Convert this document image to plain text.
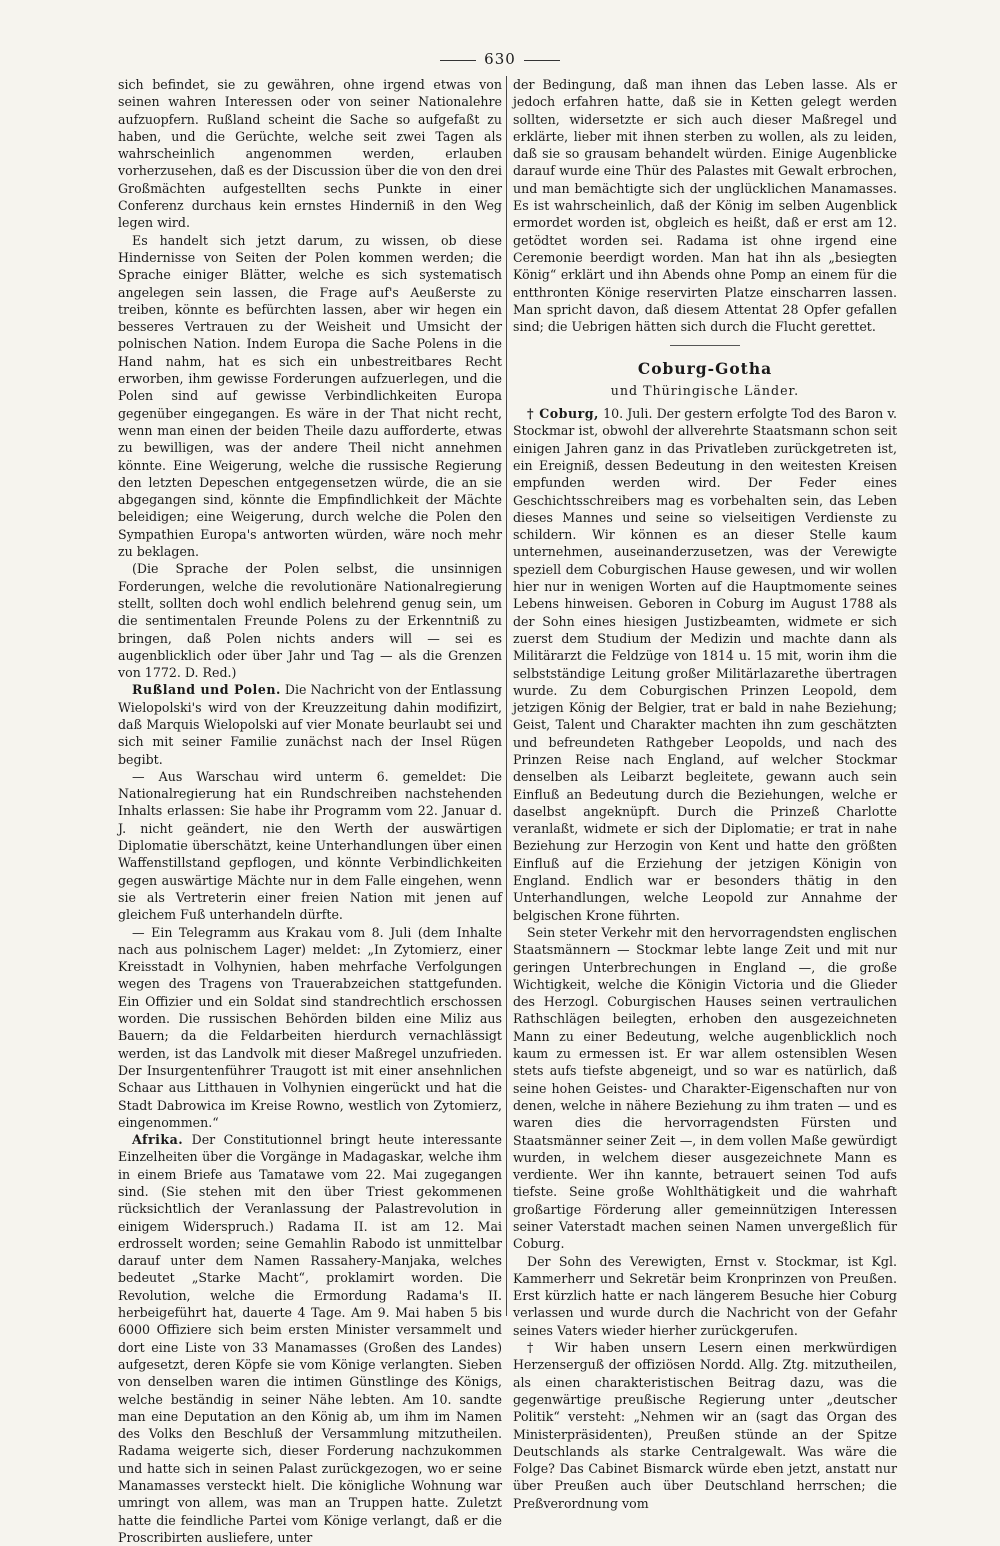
630

sich befindet, sie zu gewähren, ohne irgend etwas von seinen wahren Interessen oder von seiner Nationalehre aufzuopfern. Rußland scheint die Sache so aufgefaßt zu haben, und die Gerüchte, welche seit zwei Tagen als wahrscheinlich angenommen werden, erlauben vorherzusehen, daß es der Discussion über die von den drei Großmächten aufgestellten sechs Punkte in einer Conferenz durchaus kein ernstes Hinderniß in den Weg legen wird.

Es handelt sich jetzt darum, zu wissen, ob diese Hindernisse von Seiten der Polen kommen werden; die Sprache einiger Blätter, welche es sich systematisch angelegen sein lassen, die Frage auf's Aeußerste zu treiben, könnte es befürchten lassen, aber wir hegen ein besseres Vertrauen zu der Weisheit und Umsicht der polnischen Nation. Indem Europa die Sache Polens in die Hand nahm, hat es sich ein unbestreitbares Recht erworben, ihm gewisse Forderungen aufzuerlegen, und die Polen sind auf gewisse Verbindlichkeiten Europa gegenüber eingegangen. Es wäre in der That nicht recht, wenn man einen der beiden Theile dazu aufforderte, etwas zu bewilligen, was der andere Theil nicht annehmen könnte. Eine Weigerung, welche die russische Regierung den letzten Depeschen entgegensetzen würde, die an sie abgegangen sind, könnte die Empfindlichkeit der Mächte beleidigen; eine Weigerung, durch welche die Polen den Sympathien Europa's antworten würden, wäre noch mehr zu beklagen.

(Die Sprache der Polen selbst, die unsinnigen Forderungen, welche die revolutionäre Nationalregierung stellt, sollten doch wohl endlich belehrend genug sein, um die sentimentalen Freunde Polens zu der Erkenntniß zu bringen, daß Polen nichts anders will — sei es augenblicklich oder über Jahr und Tag — als die Grenzen von 1772. D. Red.)

Rußland und Polen. Die Nachricht von der Entlassung Wielopolski's wird von der Kreuzzeitung dahin modifizirt, daß Marquis Wielopolski auf vier Monate beurlaubt sei und sich mit seiner Familie zunächst nach der Insel Rügen begibt.

— Aus Warschau wird unterm 6. gemeldet: Die Nationalregierung hat ein Rundschreiben nachstehenden Inhalts erlassen: Sie habe ihr Programm vom 22. Januar d. J. nicht geändert, nie den Werth der auswärtigen Diplomatie überschätzt, keine Unterhandlungen über einen Waffenstillstand gepflogen, und könnte Verbindlichkeiten gegen auswärtige Mächte nur in dem Falle eingehen, wenn sie als Vertreterin einer freien Nation mit jenen auf gleichem Fuß unterhandeln dürfte.

— Ein Telegramm aus Krakau vom 8. Juli (dem Inhalte nach aus polnischem Lager) meldet: „In Zytomierz, einer Kreisstadt in Volhynien, haben mehrfache Verfolgungen wegen des Tragens von Trauerabzeichen stattgefunden. Ein Offizier und ein Soldat sind standrechtlich erschossen worden. Die russischen Behörden bilden eine Miliz aus Bauern; da die Feldarbeiten hierdurch vernachlässigt werden, ist das Landvolk mit dieser Maßregel unzufrieden. Der Insurgentenführer Traugott ist mit einer ansehnlichen Schaar aus Litthauen in Volhynien eingerückt und hat die Stadt Dabrowica im Kreise Rowno, westlich von Zytomierz, eingenommen.“

Afrika. Der Constitutionnel bringt heute interessante Einzelheiten über die Vorgänge in Madagaskar, welche ihm in einem Briefe aus Tamatawe vom 22. Mai zugegangen sind. (Sie stehen mit den über Triest gekommenen rücksichtlich der Veranlassung der Palastrevolution in einigem Widerspruch.) Radama II. ist am 12. Mai erdrosselt worden; seine Gemahlin Rabodo ist unmittelbar darauf unter dem Namen Rassahery-Manjaka, welches bedeutet „Starke Macht“, proklamirt worden. Die Revolution, welche die Ermordung Radama's II. herbeigeführt hat, dauerte 4 Tage. Am 9. Mai haben 5 bis 6000 Offiziere sich beim ersten Minister versammelt und dort eine Liste von 33 Manamasses (Großen des Landes) aufgesetzt, deren Köpfe sie vom Könige verlangten. Sieben von denselben waren die intimen Günstlinge des Königs, welche beständig in seiner Nähe lebten. Am 10. sandte man eine Deputation an den König ab, um ihm im Namen des Volks den Beschluß der Versammlung mitzutheilen. Radama weigerte sich, dieser Forderung nachzukommen und hatte sich in seinen Palast zurückgezogen, wo er seine Manamasses versteckt hielt. Die königliche Wohnung war umringt von allem, was man an Truppen hatte. Zuletzt hatte die feindliche Partei vom Könige verlangt, daß er die Proscribirten ausliefere, unter

der Bedingung, daß man ihnen das Leben lasse. Als er jedoch erfahren hatte, daß sie in Ketten gelegt werden sollten, widersetzte er sich auch dieser Maßregel und erklärte, lieber mit ihnen sterben zu wollen, als zu leiden, daß sie so grausam behandelt würden. Einige Augenblicke darauf wurde eine Thür des Palastes mit Gewalt erbrochen, und man bemächtigte sich der unglücklichen Manamasses. Es ist wahrscheinlich, daß der König im selben Augenblick ermordet worden ist, obgleich es heißt, daß er erst am 12. getödtet worden sei. Radama ist ohne irgend eine Ceremonie beerdigt worden. Man hat ihn als „besiegten König“ erklärt und ihn Abends ohne Pomp an einem für die entthronten Könige reservirten Platze einscharren lassen. Man spricht davon, daß diesem Attentat 28 Opfer gefallen sind; die Uebrigen hätten sich durch die Flucht gerettet.

Coburg-Gotha
und Thüringische Länder.

† Coburg, 10. Juli. Der gestern erfolgte Tod des Baron v. Stockmar ist, obwohl der allverehrte Staatsmann schon seit einigen Jahren ganz in das Privatleben zurückgetreten ist, ein Ereigniß, dessen Bedeutung in den weitesten Kreisen empfunden werden wird. Der Feder eines Geschichtsschreibers mag es vorbehalten sein, das Leben dieses Mannes und seine so vielseitigen Verdienste zu schildern. Wir können es an dieser Stelle kaum unternehmen, auseinanderzusetzen, was der Verewigte speziell dem Coburgischen Hause gewesen, und wir wollen hier nur in wenigen Worten auf die Hauptmomente seines Lebens hinweisen. Geboren in Coburg im August 1788 als der Sohn eines hiesigen Justizbeamten, widmete er sich zuerst dem Studium der Medizin und machte dann als Militärarzt die Feldzüge von 1814 u. 15 mit, worin ihm die selbstständige Leitung großer Militärlazarethe übertragen wurde. Zu dem Coburgischen Prinzen Leopold, dem jetzigen König der Belgier, trat er bald in nahe Beziehung; Geist, Talent und Charakter machten ihn zum geschätzten und befreundeten Rathgeber Leopolds, und nach des Prinzen Reise nach England, auf welcher Stockmar denselben als Leibarzt begleitete, gewann auch sein Einfluß an Bedeutung durch die Beziehungen, welche er daselbst angeknüpft. Durch die Prinzeß Charlotte veranlaßt, widmete er sich der Diplomatie; er trat in nahe Beziehung zur Herzogin von Kent und hatte den größten Einfluß auf die Erziehung der jetzigen Königin von England. Endlich war er besonders thätig in den Unterhandlungen, welche Leopold zur Annahme der belgischen Krone führten.

Sein steter Verkehr mit den hervorragendsten englischen Staatsmännern — Stockmar lebte lange Zeit und mit nur geringen Unterbrechungen in England —, die große Wichtigkeit, welche die Königin Victoria und die Glieder des Herzogl. Coburgischen Hauses seinen vertraulichen Rathschlägen beilegten, erhoben den ausgezeichneten Mann zu einer Bedeutung, welche augenblicklich noch kaum zu ermessen ist. Er war allem ostensiblen Wesen stets aufs tiefste abgeneigt, und so war es natürlich, daß seine hohen Geistes- und Charakter-Eigenschaften nur von denen, welche in nähere Beziehung zu ihm traten — und es waren dies die hervorragendsten Fürsten und Staatsmänner seiner Zeit —, in dem vollen Maße gewürdigt wurden, in welchem dieser ausgezeichnete Mann es verdiente. Wer ihn kannte, betrauert seinen Tod aufs tiefste. Seine große Wohlthätigkeit und die wahrhaft großartige Förderung aller gemeinnützigen Interessen seiner Vaterstadt machen seinen Namen unvergeßlich für Coburg.

Der Sohn des Verewigten, Ernst v. Stockmar, ist Kgl. Kammerherr und Sekretär beim Kronprinzen von Preußen. Erst kürzlich hatte er nach längerem Besuche hier Coburg verlassen und wurde durch die Nachricht von der Gefahr seines Vaters wieder hierher zurückgerufen.

† Wir haben unsern Lesern einen merkwürdigen Herzenserguß der offiziösen Nordd. Allg. Ztg. mitzutheilen, als einen charakteristischen Beitrag dazu, was die gegenwärtige preußische Regierung unter „deutscher Politik“ versteht: „Nehmen wir an (sagt das Organ des Ministerpräsidenten), Preußen stünde an der Spitze Deutschlands als starke Centralgewalt. Was wäre die Folge? Das Cabinet Bismarck würde eben jetzt, anstatt nur über Preußen auch über Deutschland herrschen; die Preßverordnung vom
